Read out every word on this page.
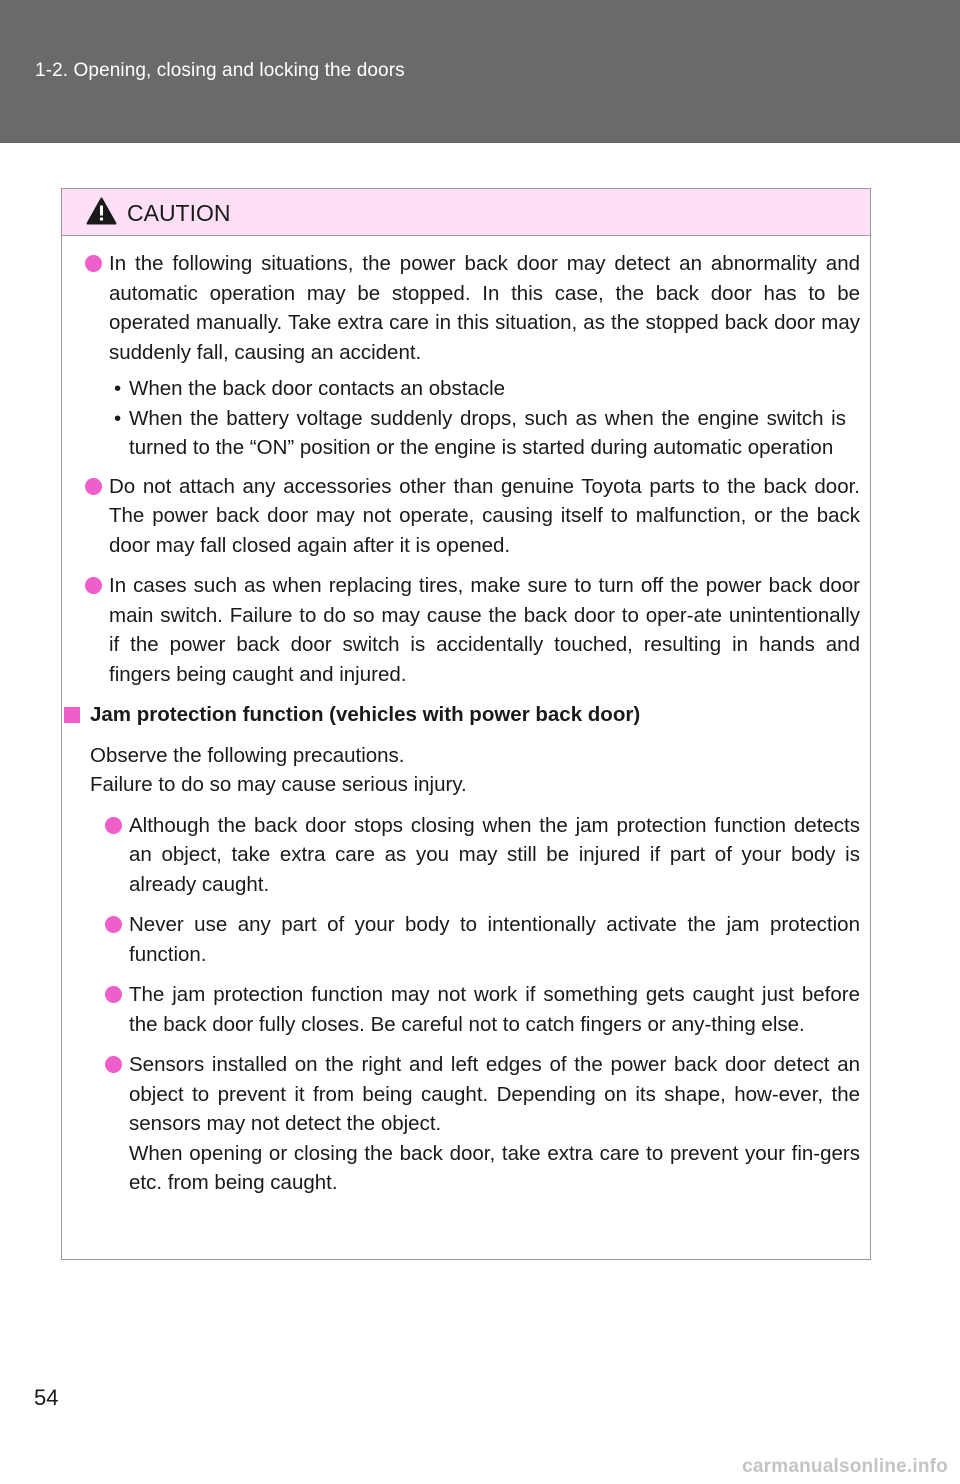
1-2. Opening, closing and locking the doors
CAUTION
In the following situations, the power back door may detect an abnormality and automatic operation may be stopped. In this case, the back door has to be operated manually. Take extra care in this situation, as the stopped back door may suddenly fall, causing an accident.
• When the back door contacts an obstacle
• When the battery voltage suddenly drops, such as when the engine switch is turned to the “ON” position or the engine is started during automatic operation
Do not attach any accessories other than genuine Toyota parts to the back door. The power back door may not operate, causing itself to malfunction, or the back door may fall closed again after it is opened.
In cases such as when replacing tires, make sure to turn off the power back door main switch. Failure to do so may cause the back door to oper-ate unintentionally if the power back door switch is accidentally touched, resulting in hands and fingers being caught and injured.
Jam protection function (vehicles with power back door)
Observe the following precautions.
Failure to do so may cause serious injury.
Although the back door stops closing when the jam protection function detects an object, take extra care as you may still be injured if part of your body is already caught.
Never use any part of your body to intentionally activate the jam protection function.
The jam protection function may not work if something gets caught just before the back door fully closes. Be careful not to catch fingers or any-thing else.
Sensors installed on the right and left edges of the power back door detect an object to prevent it from being caught. Depending on its shape, how-ever, the sensors may not detect the object.
When opening or closing the back door, take extra care to prevent your fin-gers etc. from being caught.
54
carmanualsonline.info
